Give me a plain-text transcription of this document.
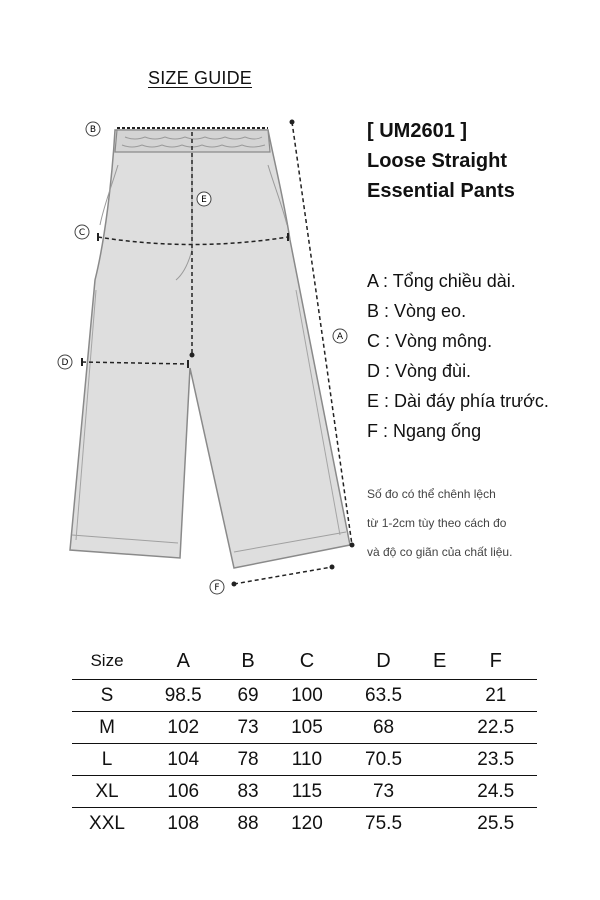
SIZE GUIDE
B
E
C
A
D
F
[ UM2601 ]
Loose Straight
Essential Pants
A : Tổng chiều dài.
B : Vòng eo.
C : Vòng mông.
D : Vòng đùi.
E : Dài đáy phía trước.
F : Ngang ống
Số đo có thể chênh lệch
từ 1-2cm tùy theo cách đo
và độ co giãn của chất liệu.
Size	A	B	C	D	E	F
S	98.5	69	100	63.5		21
M	102	73	105	68		22.5
L	104	78	110	70.5		23.5
XL	106	83	115	73		24.5
XXL	108	88	120	75.5		25.5
